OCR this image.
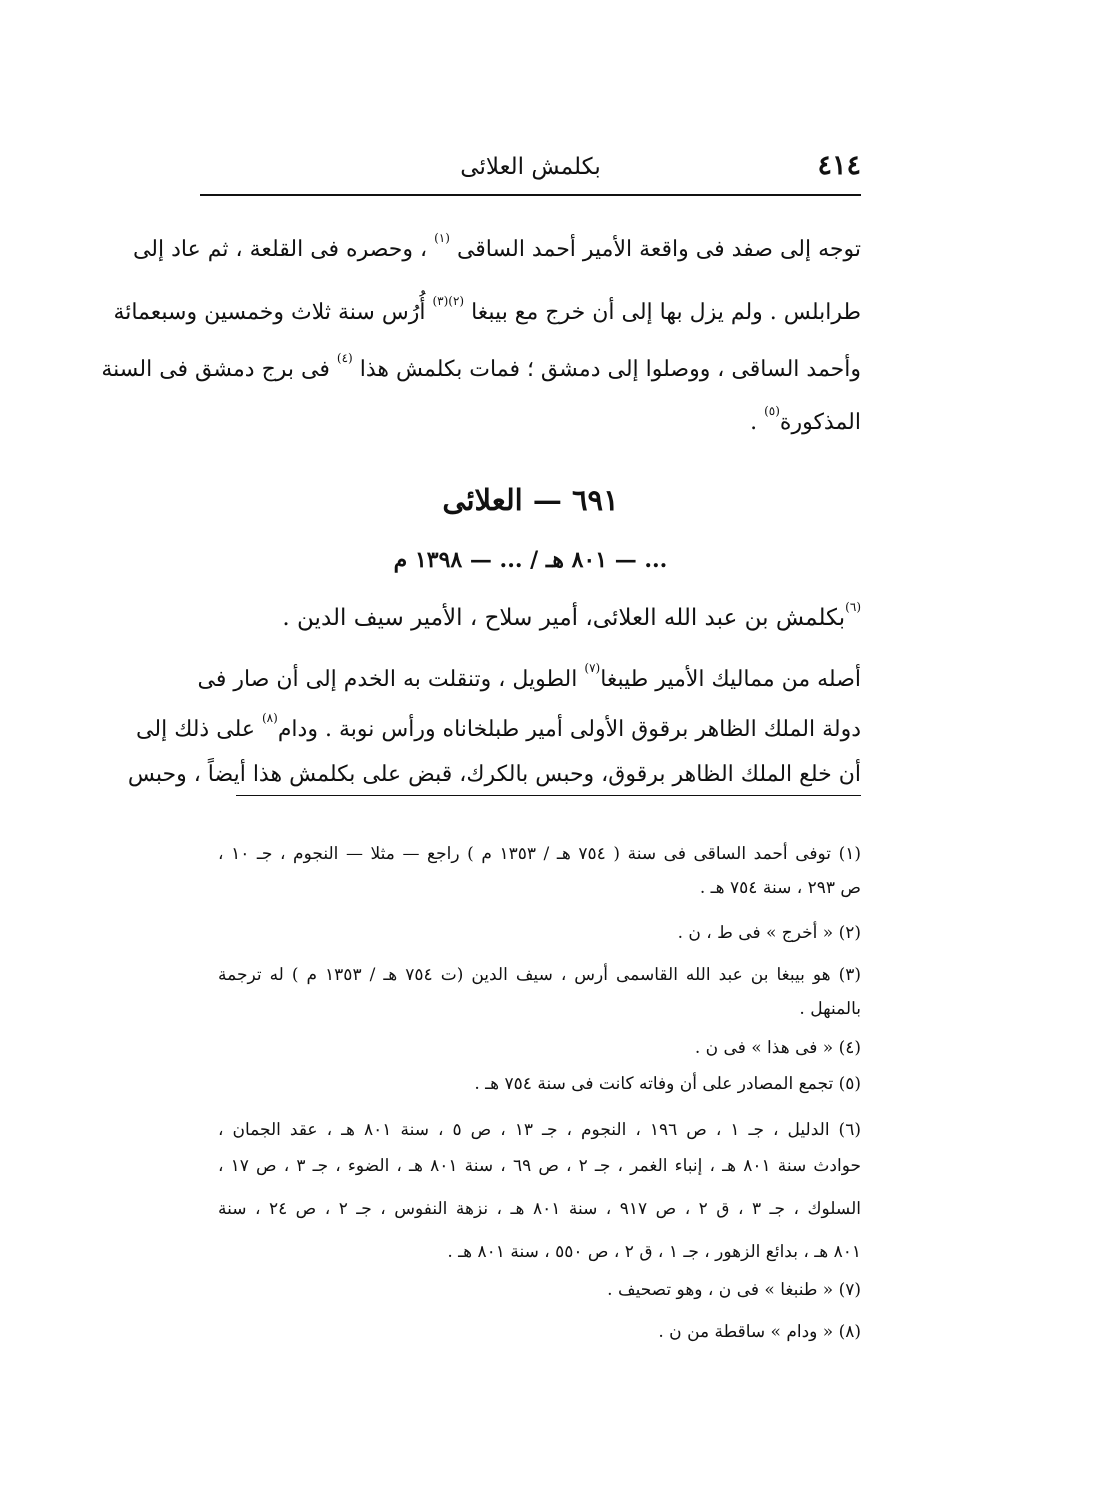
٤١٤
بكلمش العلائى
توجه إلى صفد فى واقعة الأمير أحمد الساقى $^{(١)}$ ، وحصره فى القلعة ، ثم عاد إلى
طرابلس . ولم يزل بها إلى أن خرج مع بيبغا $^{(٢)(٣)}$ أُرُس سنة ثلاث وخمسين وسبعمائة
وأحمد الساقى ، ووصلوا إلى دمشق ؛ فمات بكلمش هذا $^{(٤)}$ فى برج دمشق فى السنة
المذكورة$^{(٥)}$ .
٦٩١ — العلائى
... — ٨٠١ هـ / ... — ١٣٩٨ م
$^{(٦)}$بكلمش بن عبد الله العلائى، أمير سلاح ، الأمير سيف الدين .
أصله من مماليك الأمير طيبغا$^{(٧)}$ الطويل ، وتنقلت به الخدم إلى أن صار فى
دولة الملك الظاهر برقوق الأولى أمير طبلخاناه ورأس نوبة . ودام$^{(٨)}$ على ذلك إلى
أن خلع الملك الظاهر برقوق، وحبس بالكرك، قبض على بكلمش هذا أيضاً ، وحبس
(١) توفى أحمد الساقى فى سنة ( ٧٥٤ هـ / ١٣٥٣ م ) راجع — مثلا — النجوم ، جـ ١٠ ،
ص ٢٩٣ ، سنة ٧٥٤ هـ .
(٢) « أخرج » فى ط ، ن .
(٣) هو بيبغا بن عبد الله القاسمى أرس ، سيف الدين (ت ٧٥٤ هـ / ١٣٥٣ م ) له ترجمة
بالمنهل .
(٤) « فى هذا » فى ن .
(٥) تجمع المصادر على أن وفاته كانت فى سنة ٧٥٤ هـ .
(٦) الدليل ، جـ ١ ، ص ١٩٦ ، النجوم ، جـ ١٣ ، ص ٥ ، سنة ٨٠١ هـ ، عقد الجمان ،
حوادث سنة ٨٠١ هـ ، إنباء الغمر ، جـ ٢ ، ص ٦٩ ، سنة ٨٠١ هـ ، الضوء ، جـ ٣ ، ص ١٧ ،
السلوك ، جـ ٣ ، ق ٢ ، ص ٩١٧ ، سنة ٨٠١ هـ ، نزهة النفوس ، جـ ٢ ، ص ٢٤ ، سنة
٨٠١ هـ ، بدائع الزهور ، جـ ١ ، ق ٢ ، ص ٥٥٠ ، سنة ٨٠١ هـ .
(٧) « طنبغا » فى ن ، وهو تصحيف .
(٨) « ودام » ساقطة من ن .
